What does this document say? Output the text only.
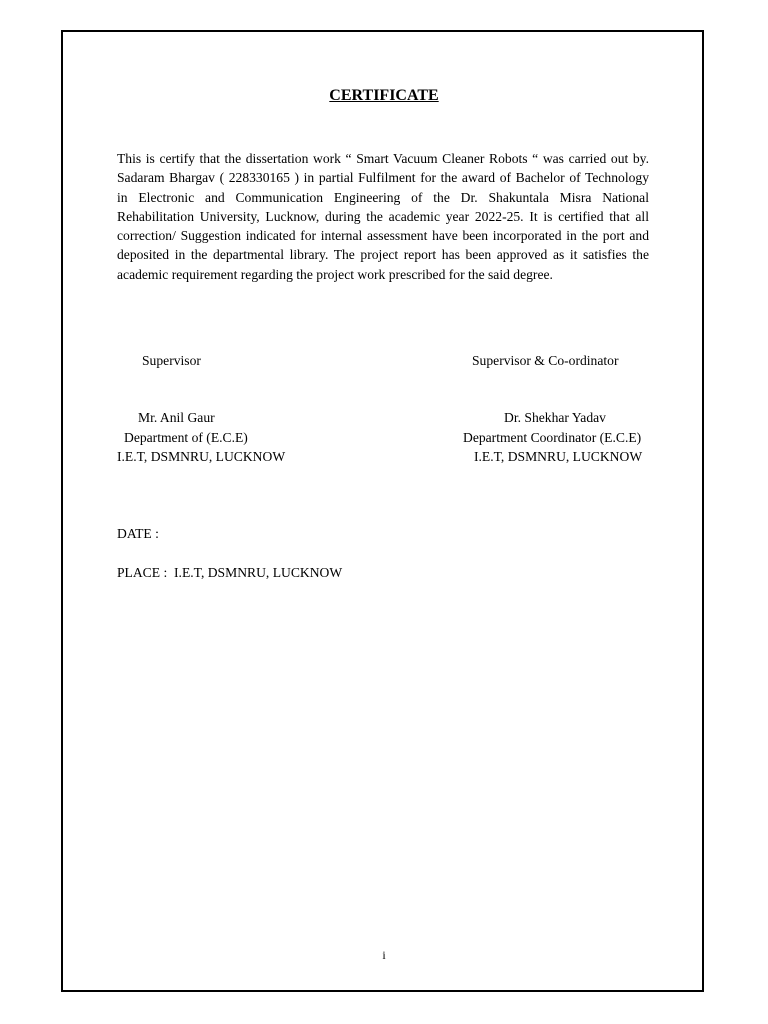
CERTIFICATE
This is certify that the dissertation work “ Smart Vacuum Cleaner Robots “ was carried out by.
Sadaram Bhargav ( 228330165 ) in partial Fulfilment for the award of Bachelor of Technology
in Electronic and Communication Engineering of the Dr. Shakuntala Misra National
Rehabilitation University, Lucknow, during the academic year 2022-25. It is certified that all
correction/ Suggestion indicated for internal assessment have been incorporated in the port and
deposited in the departmental library. The project report has been approved as it satisfies the
academic requirement regarding the project work prescribed for the said degree.
Supervisor	Supervisor & Co-ordinator
Mr. Anil Gaur
Department of (E.C.E)
I.E.T, DSMNRU, LUCKNOW
Dr. Shekhar Yadav
Department Coordinator (E.C.E)
I.E.T, DSMNRU, LUCKNOW
DATE :
PLACE :  I.E.T, DSMNRU, LUCKNOW
i
